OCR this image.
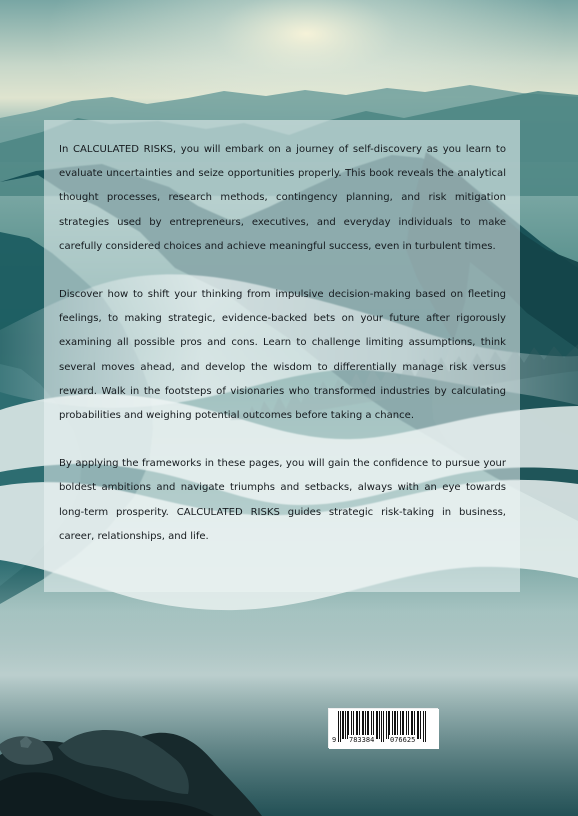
In CALCULATED RISKS, you will embark on a journey of self-discovery as you learn to evaluate uncertainties and seize opportunities properly. This book reveals the analytical thought processes, research methods, contingency planning, and risk mitigation strategies used by entrepreneurs, executives, and everyday individuals to make carefully considered choices and achieve meaningful success, even in turbulent times.

Discover how to shift your thinking from impulsive decision-making based on fleeting feelings, to making strategic, evidence-backed bets on your future after rigorously examining all possible pros and cons. Learn to challenge limiting assumptions, think several moves ahead, and develop the wisdom to differentially manage risk versus reward. Walk in the footsteps of visionaries who transformed industries by calculating probabilities and weighing potential outcomes before taking a chance.

By applying the frameworks in these pages, you will gain the confidence to pursue your boldest ambitions and navigate triumphs and setbacks, always with an eye towards long-term prosperity. CALCULATED RISKS guides strategic risk-taking in business, career, relationships, and life.

9 783384 076625
